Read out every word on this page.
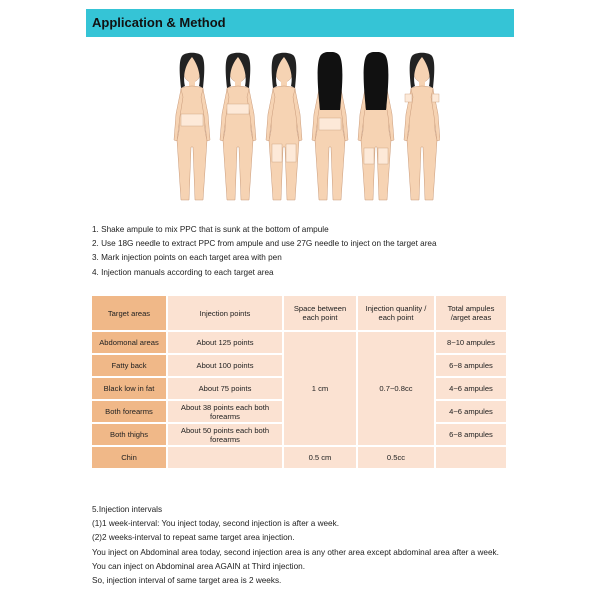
Application & Method
1. Shake ampule to mix PPC that is sunk at the bottom of ampule
2. Use 18G needle to extract PPC from ampule and use 27G needle to inject on the target area
3. Mark injection points on each target area with pen
4. Injection manuals according to each target area
Target areas	Injection points	Space between each point	Injection quanlity / each point	Total ampules /arget areas
Abdomonal areas	About 125 points	1 cm	0.7~0.8cc	8~10 ampules
Fatty back	About 100 points			6~8 ampules
Black low in fat	About 75 points			4~6 ampules
Both forearms	About 38 points each both forearms			4~6 ampules
Both thighs	About 50 points each both forearms			6~8 ampules
Chin		0.5 cm	0.5cc	
5.Injection intervals
(1)1 week-interval: You inject today, second injection is after a week.
(2)2 weeks-interval to repeat same target area injection.
You inject on Abdominal area today, second injection area is any other area except abdominal area after a week.
You can inject on Abdominal area AGAIN at Third injection.
So, injection interval of same target area is 2 weeks.
